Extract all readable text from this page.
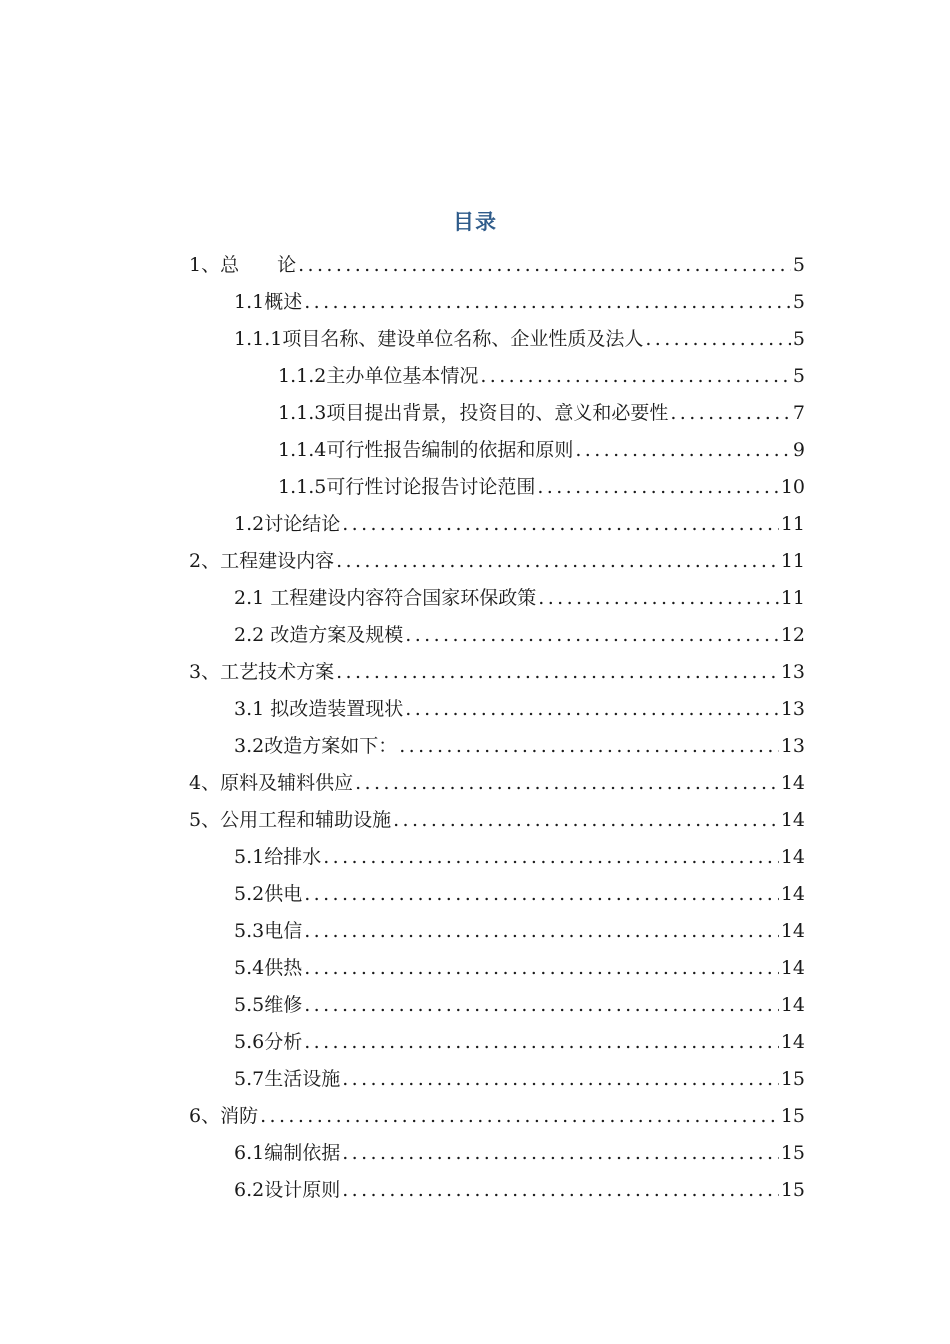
目录
1、总　　论 .....	5
1.1概述 .....	5
1.1.1项目名称、建设单位名称、企业性质及法人 .....	5
1.1.2主办单位基本情况 .....	5
1.1.3项目提出背景，投资目的、意义和必要性 .....	7
1.1.4可行性报告编制的依据和原则 .....	9
1.1.5可行性讨论报告讨论范围 .....	10
1.2讨论结论 .....	11
2、工程建设内容 .....	11
2.1 工程建设内容符合国家环保政策 .....	11
2.2 改造方案及规模 .....	12
3、工艺技术方案 .....	13
3.1 拟改造装置现状 .....	13
3.2改造方案如下： .....	13
4、原料及辅料供应 .....	14
5、公用工程和辅助设施 .....	14
5.1给排水 .....	14
5.2供电 .....	14
5.3电信 .....	14
5.4供热 .....	14
5.5维修 .....	14
5.6分析 .....	14
5.7生活设施 .....	15
6、消防 .....	15
6.1编制依据 .....	15
6.2设计原则 .....	15
